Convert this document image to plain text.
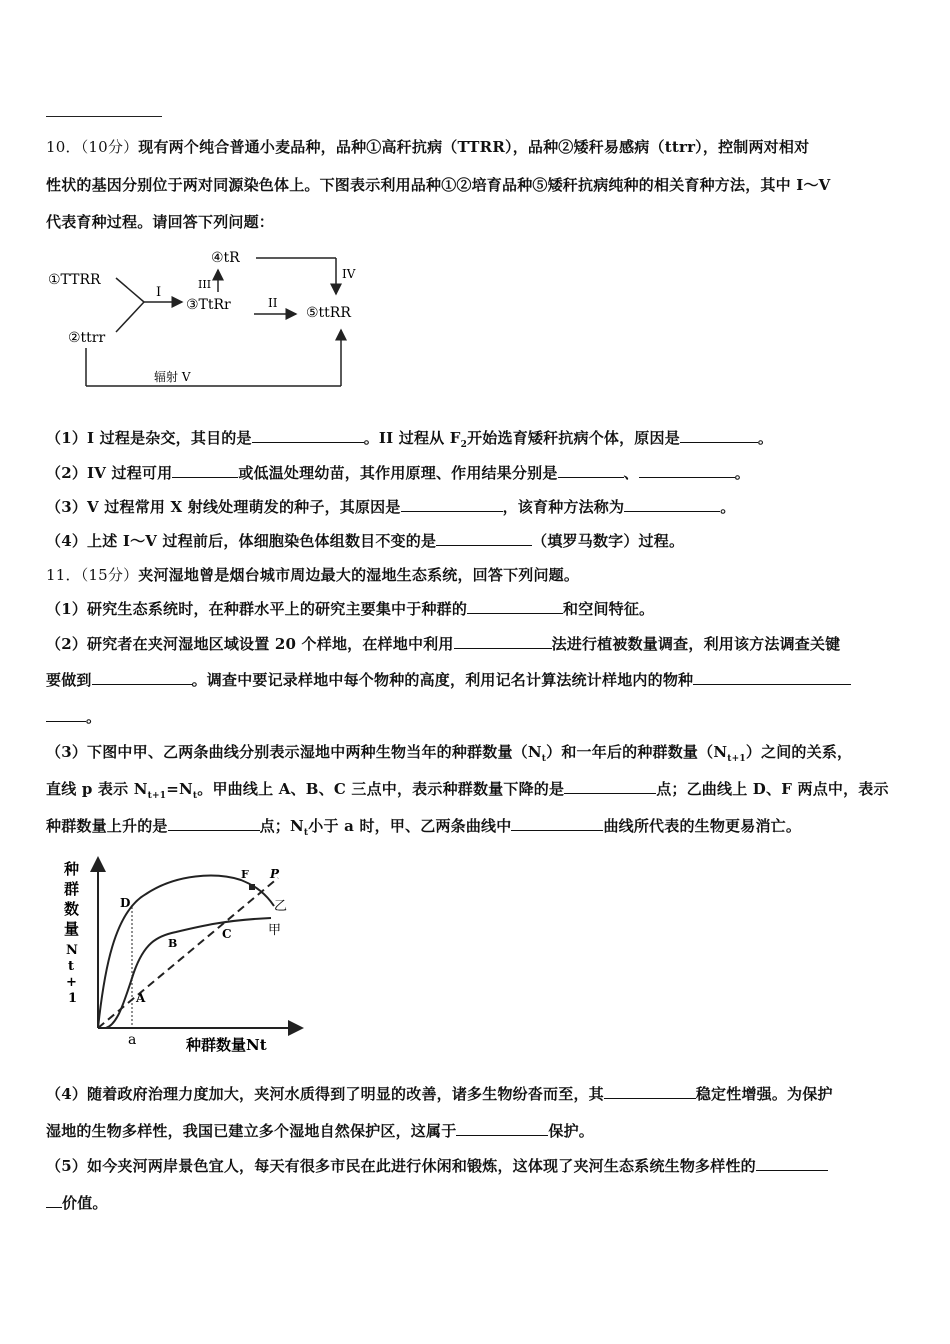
10．（10分）现有两个纯合普通小麦品种，品种①高秆抗病（TTRR），品种②矮秆易感病（ttrr），控制两对相对
性状的基因分别位于两对同源染色体上。下图表示利用品种①②培育品种⑤矮秆抗病纯种的相关育种方法，其中 I～V
代表育种过程。请回答下列问题：
①TTRR
②ttrr
I
③TtRr
III
④tR
IV
II
⑤ttRR
辐射 V
（1）I 过程是杂交，其目的是	。II 过程从 $F_2$开始选育矮秆抗病个体，原因是	。
（2）IV 过程可用	或低温处理幼苗，其作用原理、作用结果分别是	、	。
（3）V 过程常用 X 射线处理萌发的种子，其原因是	，该育种方法称为	。
（4）上述 I～V 过程前后，体细胞染色体组数目不变的是	（填罗马数字）过程。
11．（15分）夹河湿地曾是烟台城市周边最大的湿地生态系统，回答下列问题。
（1）研究生态系统时，在种群水平上的研究主要集中于种群的	和空间特征。
（2）研究者在夹河湿地区域设置 20 个样地，在样地中利用	法进行植被数量调查，利用该方法调查关键
要做到	。调查中要记录样地中每个物种的高度，利用记名计算法统计样地内的物种
。
（3）下图中甲、乙两条曲线分别表示湿地中两种生物当年的种群数量$(N_t)$和一年后的种群数量$(N_{t+1})$之间的关系，
直线 p 表示 $N_{t+1}=N_t$。甲曲线上 A、B、C 三点中，表示种群数量下降的是	点；乙曲线上 D、F 两点中，表示
种群数量上升的是	点；$N_t$小于 a 时，甲、乙两条曲线中	曲线所代表的生物更易消亡。
种
群
数
量
N
t
+
1
种群数量Nt
a
P
D
A
B
C
F
乙
甲
（4）随着政府治理力度加大，夹河水质得到了明显的改善，诸多生物纷沓而至，其	稳定性增强。为保护
湿地的生物多样性，我国已建立多个湿地自然保护区，这属于	保护。
（5）如今夹河两岸景色宜人，每天有很多市民在此进行休闲和锻炼，这体现了夹河生态系统生物多样性的
价值。
